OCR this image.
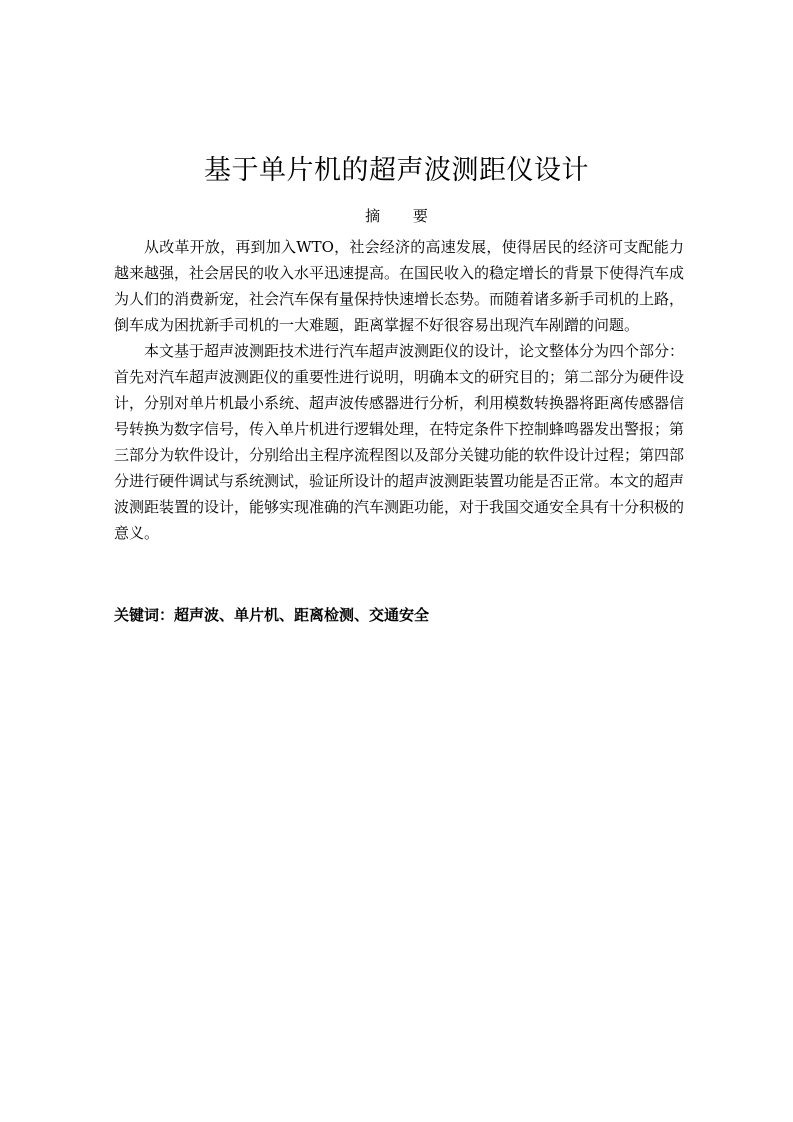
基于单片机的超声波测距仪设计
摘 要

从改革开放，再到加入WTO，社会经济的高速发展，使得居民的经济可支配能力越来越强，社会居民的收入水平迅速提高。在国民收入的稳定增长的背景下使得汽车成为人们的消费新宠，社会汽车保有量保持快速增长态势。而随着诸多新手司机的上路，倒车成为困扰新手司机的一大难题，距离掌握不好很容易出现汽车剐蹭的问题。

本文基于超声波测距技术进行汽车超声波测距仪的设计，论文整体分为四个部分：首先对汽车超声波测距仪的重要性进行说明，明确本文的研究目的；第二部分为硬件设计，分别对单片机最小系统、超声波传感器进行分析，利用模数转换器将距离传感器信号转换为数字信号，传入单片机进行逻辑处理，在特定条件下控制蜂鸣器发出警报；第三部分为软件设计，分别给出主程序流程图以及部分关键功能的软件设计过程；第四部分进行硬件调试与系统测试，验证所设计的超声波测距装置功能是否正常。本文的超声波测距装置的设计，能够实现准确的汽车测距功能，对于我国交通安全具有十分积极的意义。

关键词：超声波、单片机、距离检测、交通安全
